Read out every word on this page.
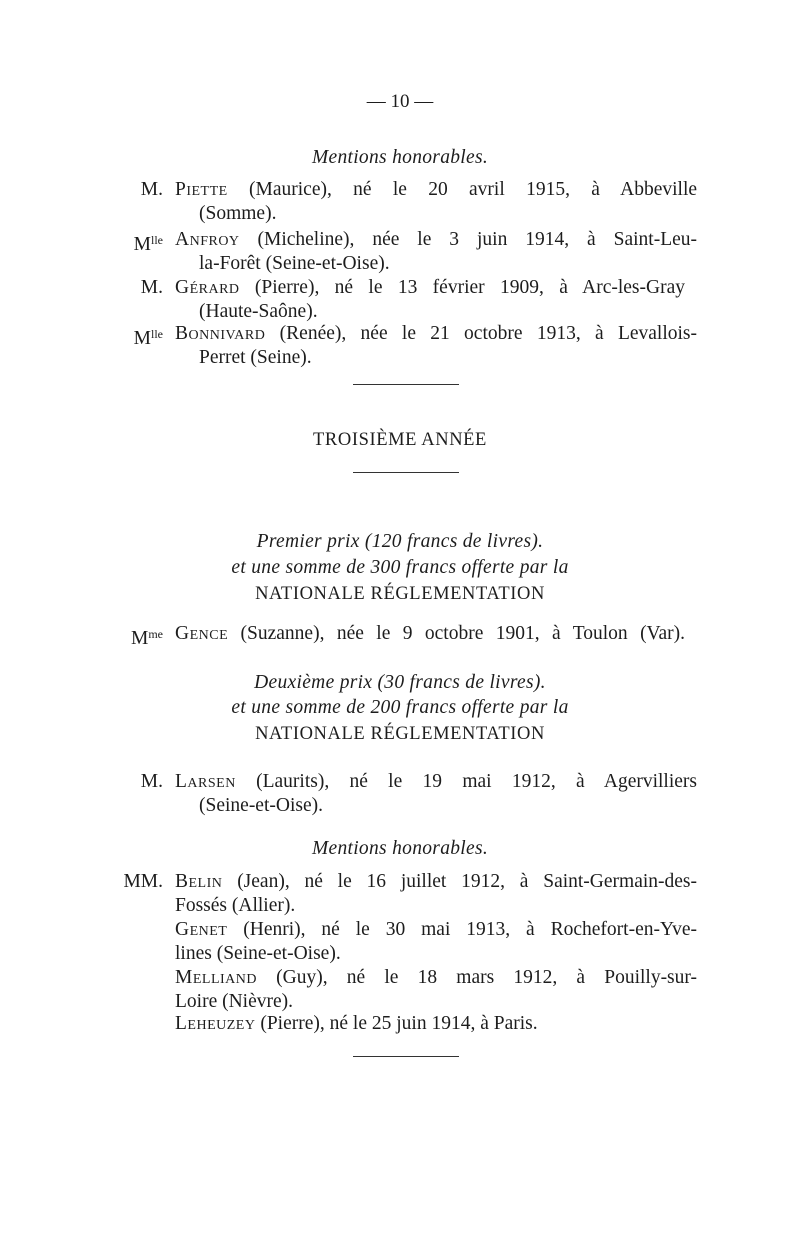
— 10 —
Mentions honorables.
M. Piette (Maurice), né le 20 avril 1915, à Abbeville
(Somme).
$M^{lle}$ Anfroy (Micheline), née le 3 juin 1914, à Saint-Leu-
la-Forêt (Seine-et-Oise).
M. Gérard (Pierre), né le 13 février 1909, à Arc-les-Gray
(Haute-Saône).
$M^{lle}$ Bonnivard (Renée), née le 21 octobre 1913, à Levallois-
Perret (Seine).
TROISIÈME ANNÉE
Premier prix (120 francs de livres).
et une somme de 300 francs offerte par la
NATIONALE RÉGLEMENTATION
$M^{me}$ Gence (Suzanne), née le 9 octobre 1901, à Toulon (Var).
Deuxième prix (30 francs de livres).
et une somme de 200 francs offerte par la
NATIONALE RÉGLEMENTATION
M. Larsen (Laurits), né le 19 mai 1912, à Agervilliers
(Seine-et-Oise).
Mentions honorables.
MM. Belin (Jean), né le 16 juillet 1912, à Saint-Germain-des-
Fossés (Allier).
Genet (Henri), né le 30 mai 1913, à Rochefort-en-Yve-
lines (Seine-et-Oise).
Melliand (Guy), né le 18 mars 1912, à Pouilly-sur-
Loire (Nièvre).
Leheuzey (Pierre), né le 25 juin 1914, à Paris.
